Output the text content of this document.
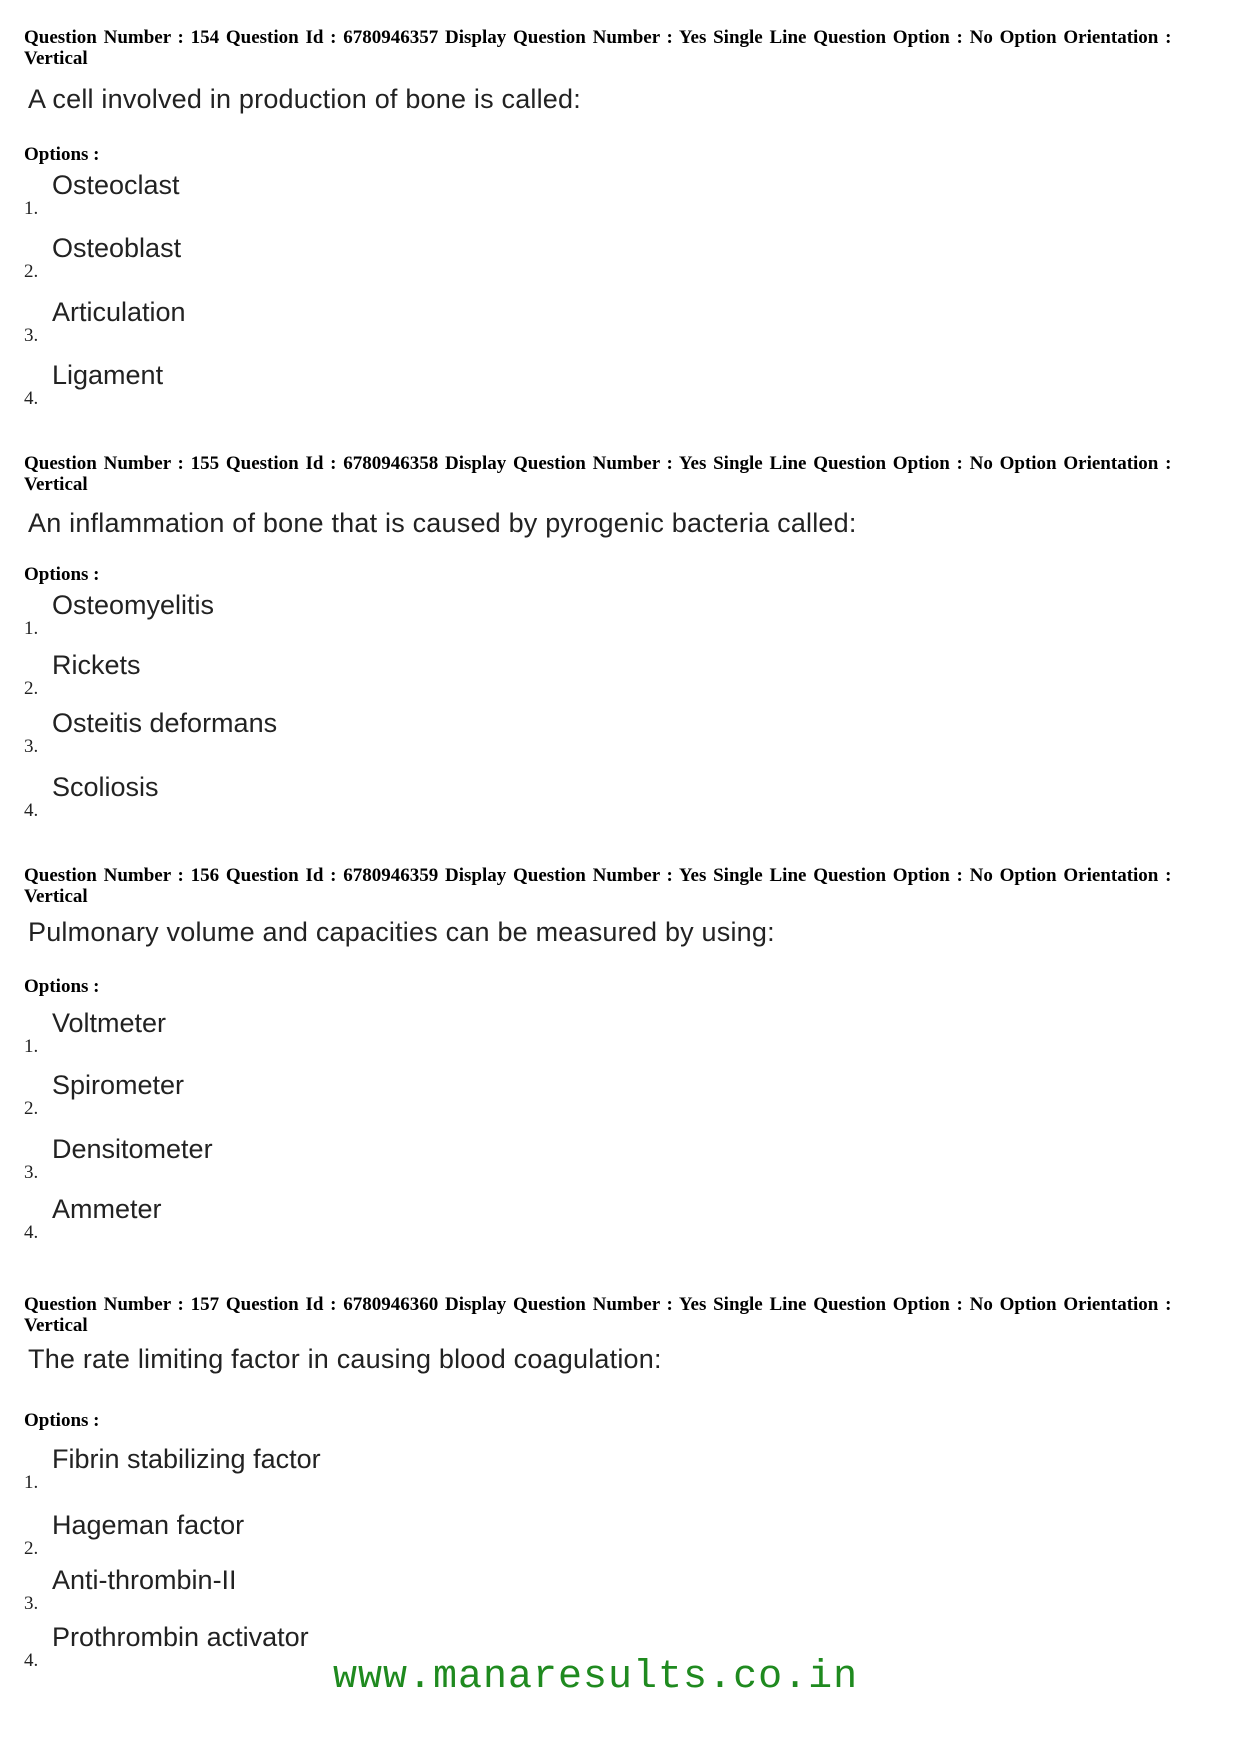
Question Number : 154 Question Id : 6780946357 Display Question Number : Yes Single Line Question Option : No Option Orientation : Vertical
A cell involved in production of bone is called:
Options :
1.
Osteoclast
2.
Osteoblast
3.
Articulation
4.
Ligament
Question Number : 155 Question Id : 6780946358 Display Question Number : Yes Single Line Question Option : No Option Orientation : Vertical
An inflammation of bone that is caused by pyrogenic bacteria called:
Options :
1.
Osteomyelitis
2.
Rickets
3.
Osteitis deformans
4.
Scoliosis
Question Number : 156 Question Id : 6780946359 Display Question Number : Yes Single Line Question Option : No Option Orientation : Vertical
Pulmonary volume and capacities can be measured by using:
Options :
1.
Voltmeter
2.
Spirometer
3.
Densitometer
4.
Ammeter
Question Number : 157 Question Id : 6780946360 Display Question Number : Yes Single Line Question Option : No Option Orientation : Vertical
The rate limiting factor in causing blood coagulation:
Options :
1.
Fibrin stabilizing factor
2.
Hageman factor
3.
Anti-thrombin-II
4.
Prothrombin activator
www.manaresults.co.in
